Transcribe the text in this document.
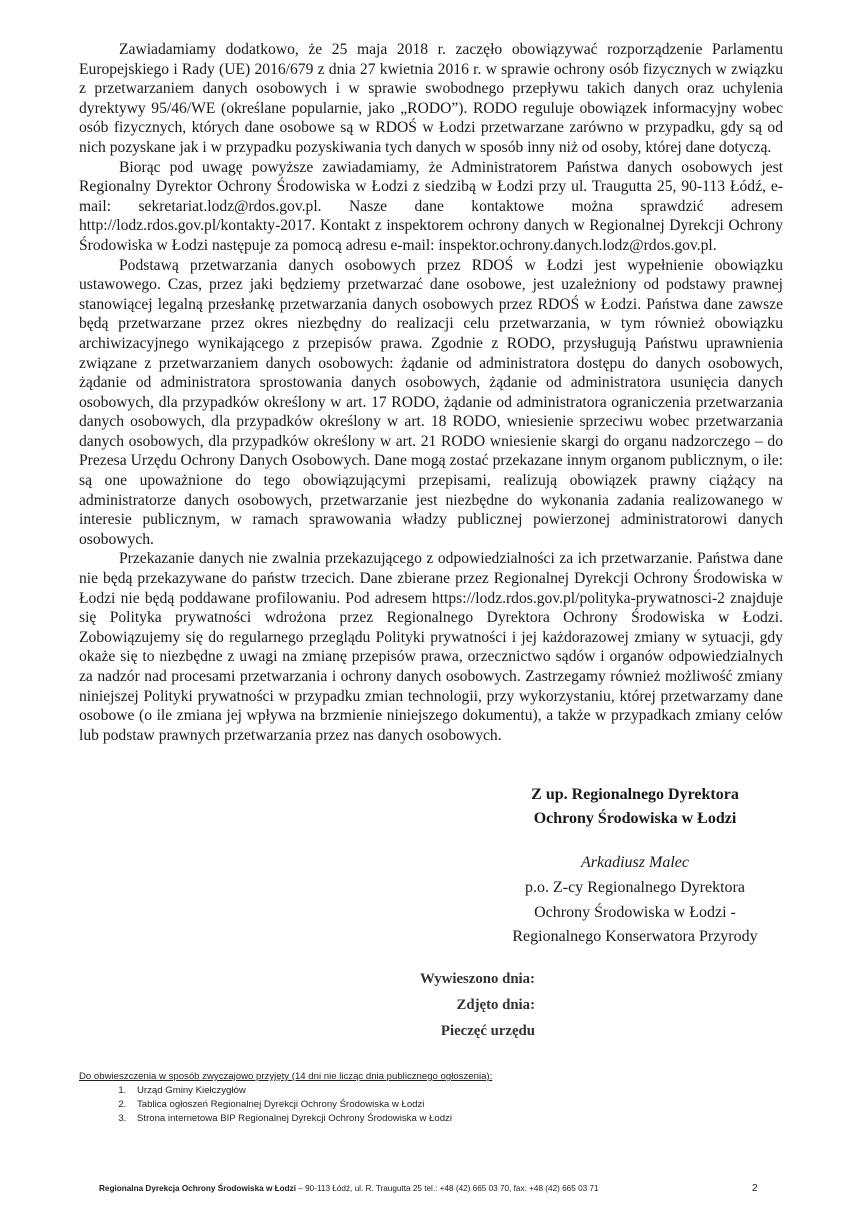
Zawiadamiamy dodatkowo, że 25 maja 2018 r. zaczęło obowiązywać rozporządzenie Parlamentu Europejskiego i Rady (UE) 2016/679 z dnia 27 kwietnia 2016 r. w sprawie ochrony osób fizycznych w związku z przetwarzaniem danych osobowych i w sprawie swobodnego przepływu takich danych oraz uchylenia dyrektywy 95/46/WE (określane popularnie, jako „RODO”). RODO reguluje obowiązek informacyjny wobec osób fizycznych, których dane osobowe są w RDOŚ w Łodzi przetwarzane zarówno w przypadku, gdy są od nich pozyskane jak i w przypadku pozyskiwania tych danych w sposób inny niż od osoby, której dane dotyczą.

Biorąc pod uwagę powyższe zawiadamiamy, że Administratorem Państwa danych osobowych jest Regionalny Dyrektor Ochrony Środowiska w Łodzi z siedzibą w Łodzi przy ul. Traugutta 25, 90-113 Łódź, e-mail: sekretariat.lodz@rdos.gov.pl. Nasze dane kontaktowe można sprawdzić adresem http://lodz.rdos.gov.pl/kontakty-2017. Kontakt z inspektorem ochrony danych w Regionalnej Dyrekcji Ochrony Środowiska w Łodzi następuje za pomocą adresu e-mail: inspektor.ochrony.danych.lodz@rdos.gov.pl.

Podstawą przetwarzania danych osobowych przez RDOŚ w Łodzi jest wypełnienie obowiązku ustawowego. Czas, przez jaki będziemy przetwarzać dane osobowe, jest uzależniony od podstawy prawnej stanowiącej legalną przesłankę przetwarzania danych osobowych przez RDOŚ w Łodzi. Państwa dane zawsze będą przetwarzane przez okres niezbędny do realizacji celu przetwarzania, w tym również obowiązku archiwizacyjnego wynikającego z przepisów prawa. Zgodnie z RODO, przysługują Państwu uprawnienia związane z przetwarzaniem danych osobowych: żądanie od administratora dostępu do danych osobowych, żądanie od administratora sprostowania danych osobowych, żądanie od administratora usunięcia danych osobowych, dla przypadków określony w art. 17 RODO, żądanie od administratora ograniczenia przetwarzania danych osobowych, dla przypadków określony w art. 18 RODO, wniesienie sprzeciwu wobec przetwarzania danych osobowych, dla przypadków określony w art. 21 RODO wniesienie skargi do organu nadzorczego – do Prezesa Urzędu Ochrony Danych Osobowych. Dane mogą zostać przekazane innym organom publicznym, o ile: są one upoważnione do tego obowiązującymi przepisami, realizują obowiązek prawny ciążący na administratorze danych osobowych, przetwarzanie jest niezbędne do wykonania zadania realizowanego w interesie publicznym, w ramach sprawowania władzy publicznej powierzonej administratorowi danych osobowych.

Przekazanie danych nie zwalnia przekazującego z odpowiedzialności za ich przetwarzanie. Państwa dane nie będą przekazywane do państw trzecich. Dane zbierane przez Regionalnej Dyrekcji Ochrony Środowiska w Łodzi nie będą poddawane profilowaniu. Pod adresem https://lodz.rdos.gov.pl/polityka-prywatnosci-2 znajduje się Polityka prywatności wdrożona przez Regionalnego Dyrektora Ochrony Środowiska w Łodzi. Zobowiązujemy się do regularnego przeglądu Polityki prywatności i jej każdorazowej zmiany w sytuacji, gdy okaże się to niezbędne z uwagi na zmianę przepisów prawa, orzecznictwo sądów i organów odpowiedzialnych za nadzór nad procesami przetwarzania i ochrony danych osobowych. Zastrzegamy również możliwość zmiany niniejszej Polityki prywatności w przypadku zmian technologii, przy wykorzystaniu, której przetwarzamy dane osobowe (o ile zmiana jej wpływa na brzmienie niniejszego dokumentu), a także w przypadkach zmiany celów lub podstaw prawnych przetwarzania przez nas danych osobowych.

Z up. Regionalnego Dyrektora
Ochrony Środowiska w Łodzi
Arkadiusz Malec
p.o. Z-cy Regionalnego Dyrektora
Ochrony Środowiska w Łodzi -
Regionalnego Konserwatora Przyrody
Wywieszono dnia:
Zdjęto dnia:
Pieczęć urzędu
Do obwieszczenia w sposób zwyczajowo przyjęty (14 dni nie licząc dnia publicznego ogłoszenia):
1. Urząd Gminy Kiełczygłów
2. Tablica ogłoszeń Regionalnej Dyrekcji Ochrony Środowiska w Łodzi
3. Strona internetowa BIP Regionalnej Dyrekcji Ochrony Środowiska w Łodzi
Regionalna Dyrekcja Ochrony Środowiska w Łodzi – 90-113 Łódź, ul. R. Traugutta 25 tel.: +48 (42) 665 03 70, fax: +48 (42) 665 03 71	2
